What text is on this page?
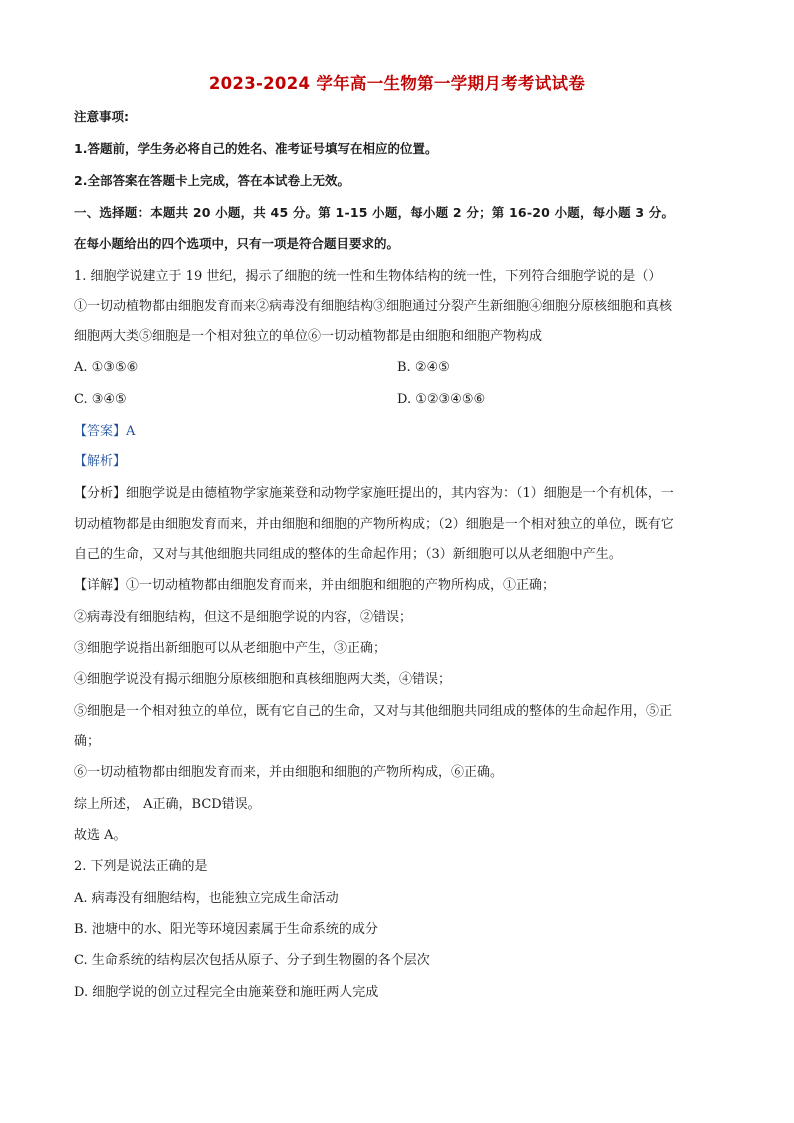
2023-2024 学年高一生物第一学期月考考试试卷
注意事项:
1.答题前，学生务必将自己的姓名、准考证号填写在相应的位置。
2.全部答案在答题卡上完成，答在本试卷上无效。
一、选择题：本题共 20 小题，共 45 分。第 1-15 小题，每小题 2 分；第 16-20 小题，每小题 3 分。
在每小题给出的四个选项中，只有一项是符合题目要求的。
1. 细胞学说建立于 19 世纪，揭示了细胞的统一性和生物体结构的统一性，下列符合细胞学说的是（）
①一切动植物都由细胞发育而来②病毒没有细胞结构③细胞通过分裂产生新细胞④细胞分原核细胞和真核
细胞两大类⑤细胞是一个相对独立的单位⑥一切动植物都是由细胞和细胞产物构成
A. ①③⑤⑥	B. ②④⑤
C. ③④⑤	D. ①②③④⑤⑥
【答案】A
【解析】
【分析】细胞学说是由德植物学家施莱登和动物学家施旺提出的，其内容为：（1）细胞是一个有机体，一
切动植物都是由细胞发育而来，并由细胞和细胞的产物所构成；（2）细胞是一个相对独立的单位，既有它
自己的生命，又对与其他细胞共同组成的整体的生命起作用；（3）新细胞可以从老细胞中产生。
【详解】①一切动植物都由细胞发育而来，并由细胞和细胞的产物所构成，①正确；
②病毒没有细胞结构，但这不是细胞学说的内容，②错误；
③细胞学说指出新细胞可以从老细胞中产生，③正确；
④细胞学说没有揭示细胞分原核细胞和真核细胞两大类，④错误；
⑤细胞是一个相对独立的单位，既有它自己的生命，又对与其他细胞共同组成的整体的生命起作用，⑤正
确；
⑥一切动植物都由细胞发育而来，并由细胞和细胞的产物所构成，⑥正确。
综上所述， A正确，BCD错误。
故选 A。
2. 下列是说法正确的是
A. 病毒没有细胞结构，也能独立完成生命活动
B. 池塘中的水、阳光等环境因素属于生命系统的成分
C. 生命系统的结构层次包括从原子、分子到生物圈的各个层次
D. 细胞学说的创立过程完全由施莱登和施旺两人完成
